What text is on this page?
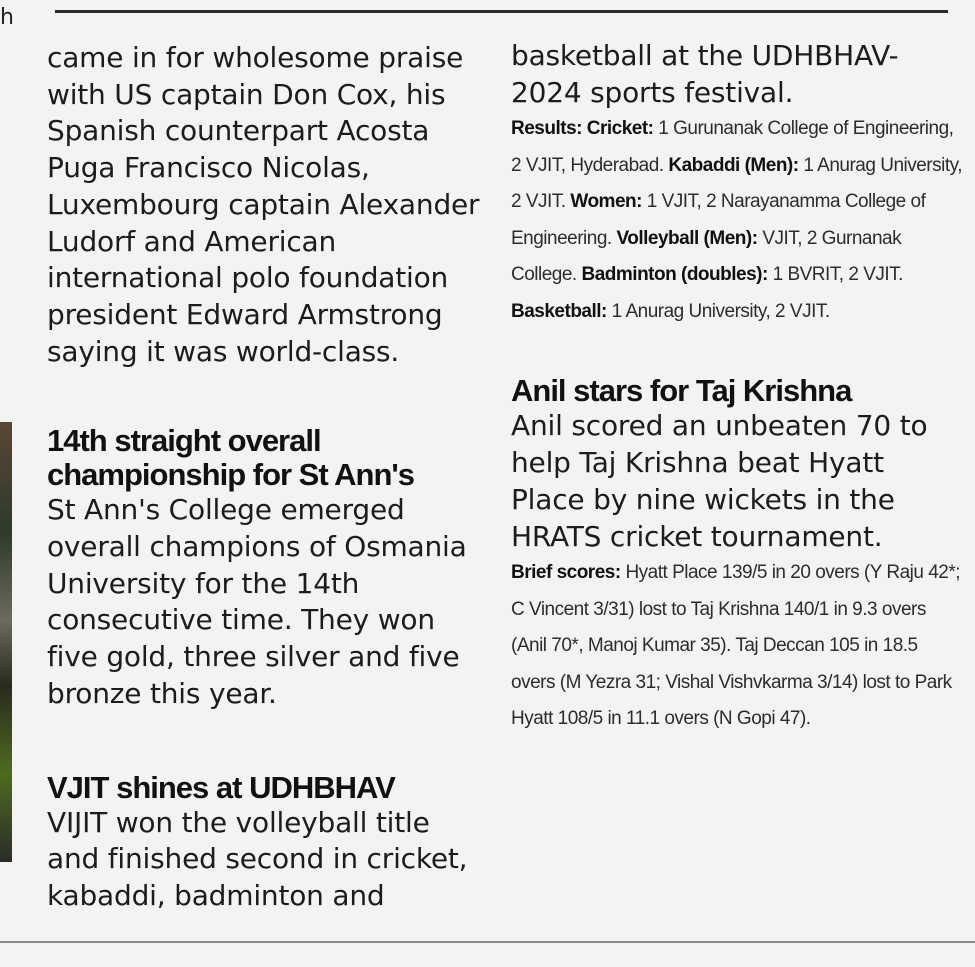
h

came in for wholesome praise with US captain Don Cox, his Spanish counterpart Acosta Puga Francisco Nicolas, Luxembourg captain Alexander Ludorf and American international polo foundation president Edward Armstrong saying it was world-class.

14th straight overall championship for St Ann's

St Ann's College emerged overall champions of Osmania University for the 14th consecutive time. They won five gold, three silver and five bronze this year.

VJIT shines at UDHBHAV

VIJIT won the volleyball title and finished second in cricket, kabaddi, badminton and

basketball at the UDHBHAV-2024 sports festival.

Results: Cricket: 1 Gurunanak College of Engineering, 2 VJIT, Hyderabad. Kabaddi (Men): 1 Anurag University, 2 VJIT. Women: 1 VJIT, 2 Narayanamma College of Engineering. Volleyball (Men): VJIT, 2 Gurnanak College. Badminton (doubles): 1 BVRIT, 2 VJIT. Basketball: 1 Anurag University, 2 VJIT.

Anil stars for Taj Krishna

Anil scored an unbeaten 70 to help Taj Krishna beat Hyatt Place by nine wickets in the HRATS cricket tournament.

Brief scores: Hyatt Place 139/5 in 20 overs (Y Raju 42*; C Vincent 3/31) lost to Taj Krishna 140/1 in 9.3 overs (Anil 70*, Manoj Kumar 35). Taj Deccan 105 in 18.5 overs (M Yezra 31; Vishal Vishvkarma 3/14) lost to Park Hyatt 108/5 in 11.1 overs (N Gopi 47).
